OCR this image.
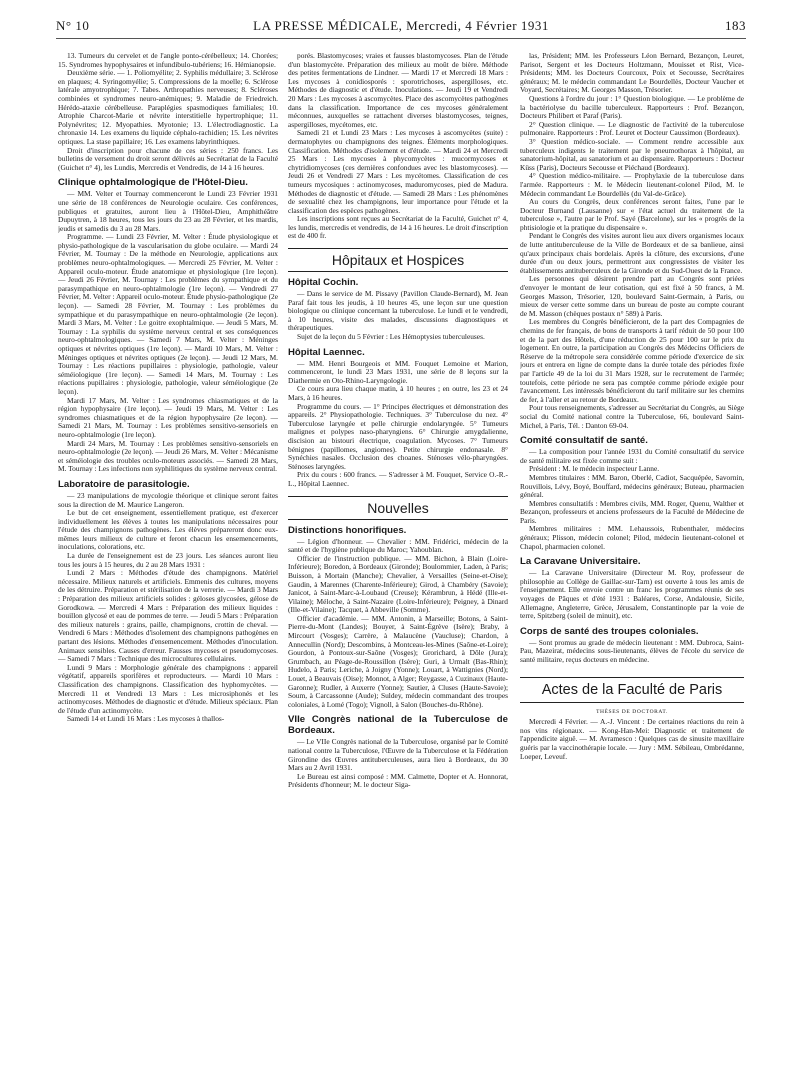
N° 10	LA PRESSE MÉDICALE, Mercredi, 4 Février 1931	183

13. Tumeurs du cervelet et de l'angle ponto-cérébelleux; 14. Chorées; 15. Syndromes hypophysaires et infundibulo-tubériens; 16. Hémianopsie.

Deuxième série. — 1. Poliomyélite; 2. Syphilis médullaire; 3. Sclérose en plaques; 4. Syringomyélie; 5. Compressions de la moelle; 6. Sclérose latérale amyotrophique; 7. Tabes. Arthropathies nerveuses; 8. Scléroses combinées et syndromes neuro-anémiques; 9. Maladie de Friedreich. Hérédo-ataxie cérébelleuse. Paraplégies spasmodiques familiales; 10. Atrophie Charcot-Marie et névrite interstitielle hypertrophique; 11. Polynévrites; 12. Myopathies. Myotonie; 13. L'électrodiagnostic. La chronaxie 14. Les examens du liquide céphalo-rachidien; 15. Les névrites optiques. La stase papillaire; 16. Les examens labyrinthiques.

Droit d'inscription pour chacune de ces séries : 250 francs. Les bulletins de versement du droit seront délivrés au Secrétariat de la Faculté (Guichet n° 4), les Lundis, Mercredis et Vendredis, de 14 à 16 heures.

Clinique ophtalmologique de l'Hôtel-Dieu.

— MM. Velter et Tournay commenceront le Lundi 23 Février 1931 une série de 18 conférences de Neurologie oculaire. Ces conférences, publiques et gratuites, auront lieu à l'Hôtel-Dieu, Amphithéâtre Dupuytren, à 18 heures, tous les jours du 23 au 28 Février, et les mardis, jeudis et samedis du 3 au 28 Mars.

Programme. — Lundi 23 Février, M. Velter : Étude physiologique et physio-pathologique de la vascularisation du globe oculaire. — Mardi 24 Février, M. Tournay : De la méthode en Neurologie, applications aux problèmes neuro-ophtalmologiques. — Mercredi 25 Février, M. Velter : Appareil oculo-moteur. Étude anatomique et physiologique (1re leçon). — Jeudi 26 Février, M. Tournay : Les problèmes du sympathique et du parasympathique en neuro-ophtalmologie (1re leçon). — Vendredi 27 Février, M. Velter : Appareil oculo-moteur. Étude physio-pathologique (2e leçon). — Samedi 28 Février, M. Tournay : Les problèmes du sympathique et du parasympathique en neuro-ophtalmologie (2e leçon). Mardi 3 Mars, M. Velter : Le goitre exophtalmique. — Jeudi 5 Mars, M. Tournay : La syphilis du système nerveux central et ses conséquences neuro-ophtalmologiques. — Samedi 7 Mars, M. Velter : Méninges optiques et névrites optiques (1re leçon). — Mardi 10 Mars, M. Velter : Méninges optiques et névrites optiques (2e leçon). — Jeudi 12 Mars, M. Tournay : Les réactions pupillaires : physiologie, pathologie, valeur séméiologique (1re leçon). — Samedi 14 Mars, M. Tournay : Les réactions pupillaires : physiologie, pathologie, valeur séméiologique (2e leçon).

Mardi 17 Mars, M. Velter : Les syndromes chiasmatiques et de la région hypophysaire (1re leçon). — Jeudi 19 Mars, M. Velter : Les syndromes chiasmatiques et de la région hypophysaire (2e leçon). — Samedi 21 Mars, M. Tournay : Les problèmes sensitivo-sensoriels en neuro-ophtalmologie (1re leçon).

Mardi 24 Mars, M. Tournay : Les problèmes sensitivo-sensoriels en neuro-ophtalmologie (2e leçon). — Jeudi 26 Mars, M. Velter : Mécanisme et séméiologie des troubles oculo-moteurs associés. — Samedi 28 Mars, M. Tournay : Les infections non syphilitiques du système nerveux central.

Laboratoire de parasitologie.

— 23 manipulations de mycologie théorique et clinique seront faites sous la direction de M. Maurice Langeron.

Le but de cet enseignement, essentiellement pratique, est d'exercer individuellement les élèves à toutes les manipulations nécessaires pour l'étude des champignons pathogènes. Les élèves prépareront donc eux-mêmes leurs milieux de culture et feront chacun les ensemencements, inoculations, colorations, etc.

La durée de l'enseignement est de 23 jours. Les séances auront lieu tous les jours à 15 heures, du 2 au 28 Mars 1931 :

Lundi 2 Mars : Méthodes d'étude des champignons. Matériel nécessaire. Milieux naturels et artificiels. Emmenis des cultures, moyens de les détruire. Préparation et stérilisation de la verrerie. — Mardi 3 Mars : Préparation des milieux artificiels solides : géloses glycosées, gélose de Gorodkowa. — Mercredi 4 Mars : Préparation des milieux liquides : bouillon glycosé et eau de pommes de terre. — Jeudi 5 Mars : Préparation des milieux naturels : grains, paille, champignons, crottin de cheval. — Vendredi 6 Mars : Méthodes d'isolement des champignons pathogènes en partant des lésions. Méthodes d'ensemencement. Méthodes d'inoculation. Animaux sensibles. Causes d'erreur. Fausses mycoses et pseudomycoses. — Samedi 7 Mars : Technique des microcultures cellulaires.

Lundi 9 Mars : Morphologie générale des champignons : appareil végétatif, appareils sporifères et reproducteurs. — Mardi 10 Mars : Classification des champignons. Classification des hyphomycètes. — Mercredi 11 et Vendredi 13 Mars : Les microsiphonés et les actinomycoses. Méthodes de diagnostic et d'étude. Milieux spéciaux. Plan de l'étude d'un actinomycète.

Samedi 14 et Lundi 16 Mars : Les mycoses à thallos-

porés. Blastomycoses; vraies et fausses blastomycoses. Plan de l'étude d'un blastomycète. Préparation des milieux au moût de bière. Méthode des petites fermentations de Lindner. — Mardi 17 et Mercredi 18 Mars : Les mycoses à conidiosporés : sporotrichoses, aspergilloses, etc. Méthodes de diagnostic et d'étude. Inoculations. — Jeudi 19 et Vendredi 20 Mars : Les mycoses à ascomycètes. Place des ascomycètes pathogènes dans la classification. Importance de ces mycoses généralement méconnues, auxquelles se rattachent diverses blastomycoses, teignes, aspergilloses, mycétomes, etc.

Samedi 21 et Lundi 23 Mars : Les mycoses à ascomycètes (suite) : dermatophytes ou champignons des teignes. Éléments morphologiques. Classification. Méthodes d'isolement et d'étude. — Mardi 24 et Mercredi 25 Mars : Les mycoses à phycomycètes : mucormycoses et chytridiomycoses (ces dernières confondues avec les blastomycoses). — Jeudi 26 et Vendredi 27 Mars : Les mycétomes. Classification de ces tumeurs mycosiques : actinomycoses, maduromycoses, pied de Madura. Méthodes de diagnostic et d'étude. — Samedi 28 Mars : Les phénomènes de sexualité chez les champignons, leur importance pour l'étude et la classification des espèces pathogènes.

Les inscriptions sont reçues au Secrétariat de la Faculté, Guichet n° 4, les lundis, mercredis et vendredis, de 14 à 16 heures. Le droit d'inscription est de 400 fr.

Hôpitaux et Hospices
Hôpital Cochin.

— Dans le service de M. Pissavy (Pavillon Claude-Bernard), M. Jean Paraf fait tous les jeudis, à 10 heures 45, une leçon sur une question biologique ou clinique concernant la tuberculose. Le lundi et le vendredi, à 10 heures, visite des malades, discussions diagnostiques et thérapeutiques.

Sujet de la leçon du 5 Février : Les Hémoptysies tuberculeuses.

Hôpital Laennec.

— MM. Henri Bourgeois et MM. Fouquet Lemoine et Marion, commenceront, le lundi 23 Mars 1931, une série de 8 leçons sur la Diathermie en Oto-Rhino-Laryngologie.

Ce cours aura lieu chaque matin, à 10 heures ; en outre, les 23 et 24 Mars, à 16 heures.

Programme du cours. — 1° Principes électriques et démonstration des appareils. 2° Physiopathologie. Techniques. 3° Tuberculose du nez. 4° Tuberculose laryngée et pelle chirurgie endolaryngée. 5° Tumeurs malignes et polypes naso-pharyngiens. 6° Chirurgie amygdalienne, discision au bistouri électrique, coagulation. Mycoses. 7° Tumeurs bénignes (papillomes, angiomes). Petite chirurgie endonasale. 8° Synéchies nasales. Occlusion des choanes. Sténoses vélo-pharyngées. Sténoses laryngées.

Prix du cours : 600 francs. — S'adresser à M. Fouquet, Service O.-R.-L., Hôpital Laennec.

Nouvelles
Distinctions honorifiques.

— Légion d'honneur. — Chevalier : MM. Fridérici, médecin de la santé et de l'hygiène publique du Maroc; Yahoublan.

Officier de l'instruction publique. — MM. Bichon, à Blain (Loire-Inférieure); Boredon, à Bordeaux (Gironde); Boulommier, Laden, à Paris; Buisson, à Mortain (Manche); Chevalier, à Versailles (Seine-et-Oise); Gaudin, à Marennes (Charente-Inférieure); Girod, à Chambéry (Savoie); Janicot, à Saint-Marc-à-Loubaud (Creuse); Kérambrun, à Hédé (Ille-et-Vilaine); Méloche, à Saint-Nazaire (Loire-Inférieure); Peigney, à Dinard (Ille-et-Vilaine); Tacquet, à Abbeville (Somme).

Officier d'académie. — MM. Antonin, à Marseille; Botons, à Saint-Pierre-du-Mont (Landes); Bouyer, à Saint-Égrève (Isère); Braby, à Mircourt (Vosges); Carrère, à Malaucène (Vaucluse); Chardon, à Annecullin (Nord); Descombins, à Montceau-les-Mines (Saône-et-Loire); Gourdon, à Pontoux-sur-Saône (Vosges); Grorichard, à Dôle (Jura); Grumbach, au Péage-de-Roussillon (Isère); Guri, à Urmalt (Bas-Rhin); Hudelo, à Paris; Leriche, à Joigny (Yonne); Louart, à Wattignies (Nord); Louet, à Beauvais (Oise); Monnot, à Alger; Reygasse, à Cuzinaux (Haute-Garonne); Rudler, à Auxerre (Yonne); Sautier, à Cluses (Haute-Savoie); Soum, à Carcassonne (Aude); Suldey, médecin commandant des troupes coloniales, à Lomé (Togo); Vignoll, à Salon (Bouches-du-Rhône).

VIIe Congrès national de la Tuberculose de Bordeaux.

— Le VIIe Congrès national de la Tuberculose, organisé par le Comité national contre la Tuberculose, l'Œuvre de la Tuberculose et la Fédération Girondine des Œuvres antituberculeuses, aura lieu à Bordeaux, du 30 Mars au 2 Avril 1931.

Le Bureau est ainsi composé : MM. Calmette, Dopter et A. Honnorat, Présidents d'honneur; M. le docteur Siga-

las, Président; MM. les Professeurs Léon Bernard, Bezançon, Leuret, Parisot, Sergent et les Docteurs Holtzmann, Mouisset et Rist, Vice-Présidents; MM. les Docteurs Courcoux, Poix et Secousse, Secrétaires généraux; M. le médecin commandant Le Bourdellès, Docteur Vaucher et Voyard, Secrétaires; M. Georges Masson, Trésorier.

Questions à l'ordre du jour : 1° Question biologique. — Le problème de la bactériolyse du bacille tuberculeux. Rapporteurs : Prof. Bezançon, Docteurs Philibert et Paraf (Paris).

2° Question clinique. — Le diagnostic de l'activité de la tuberculose pulmonaire. Rapporteurs : Prof. Leuret et Docteur Caussimon (Bordeaux).

3° Question médico-sociale. — Comment rendre accessible aux tuberculeux indigents le traitement par le pneumothorax à l'hôpital, au sanatorium-hôpital, au sanatorium et au dispensaire. Rapporteurs : Docteur Küss (Paris), Docteurs Secousse et Piéchaud (Bordeaux).

4° Question médico-militaire. — Prophylaxie de la tuberculose dans l'armée. Rapporteurs : M. le Médecin lieutenant-colonel Pilod, M. le Médecin commandant Le Bourdellès (du Val-de-Grâce).

Au cours du Congrès, deux conférences seront faites, l'une par le Docteur Burnand (Lausanne) sur « l'état actuel du traitement de la tuberculose », l'autre par le Prof. Sayé (Barcelone), sur les « progrès de la phtisiologie et la pratique du dispensaire ».

Pendant le Congrès des visites auront lieu aux divers organismes locaux de lutte antituberculeuse de la Ville de Bordeaux et de sa banlieue, ainsi qu'aux principaux chais bordelais. Après la clôture, des excursions, d'une durée d'un ou deux jours, permettront aux congressistes de visiter les établissements antituberculeux de la Gironde et du Sud-Ouest de la France.

Les personnes qui désirent prendre part au Congrès sont priées d'envoyer le montant de leur cotisation, qui est fixé à 50 francs, à M. Georges Masson, Trésorier, 120, boulevard Saint-Germain, à Paris, ou mieux de verser cette somme dans un bureau de poste au compte courant de M. Masson (chèques postaux n° 589) à Paris.

Les membres du Congrès bénéficieront, de la part des Compagnies de chemins de fer français, de bons de transports à tarif réduit de 50 pour 100 et de la part des Hôtels, d'une réduction de 25 pour 100 sur le prix du logement. En outre, la participation au Congrès des Médecins Officiers de Réserve de la métropole sera considérée comme période d'exercice de six jours et entrera en ligne de compte dans la durée totale des périodes fixée par l'article 49 de la loi du 31 Mars 1928, sur le recrutement de l'armée; toutefois, cette période ne sera pas comptée comme période exigée pour l'avancement. Les intéressés bénéficieront du tarif militaire sur les chemins de fer, à l'aller et au retour de Bordeaux.

Pour tous renseignements, s'adresser au Secrétariat du Congrès, au Siège social du Comité national contre la Tuberculose, 66, boulevard Saint-Michel, à Paris, Tél. : Danton 69-04.

Comité consultatif de santé.

— La composition pour l'année 1931 du Comité consultatif du service de santé militaire est fixée comme suit :

Président : M. le médecin inspecteur Lanne.

Membres titulaires : MM. Baron, Oberlé, Cadiot, Sacquépée, Savornin, Rouvillois, Lévy, Boyé, Bouffard, médecins généraux; Buteau, pharmacien général.

Membres consultatifs : Membres civils, MM. Roger, Quenu, Walther et Bezançon, professeurs et anciens professeurs de la Faculté de Médecine de Paris.

Membres militaires : MM. Lehaussois, Rubenthaler, médecins généraux; Plisson, médecin colonel; Pilod, médecin lieutenant-colonel et Chapol, pharmacien colonel.

La Caravane Universitaire.

— La Caravane Universitaire (Directeur M. Roy, professeur de philosophie au Collège de Gaillac-sur-Tarn) est ouverte à tous les amis de l'enseignement. Elle envoie contre un franc les programmes réunis de ses voyages de Pâques et d'été 1931 : Baléares, Corse, Andalousie, Sicile, Allemagne, Angleterre, Grèce, Jérusalem, Constantinople par la voie de terre, Spitzberg (soleil de minuit), etc.

Corps de santé des troupes coloniales.

— Sont promus au grade de médecin lieutenant : MM. Dubroca, Saint-Pau, Mazeirat, médecins sous-lieutenants, élèves de l'école du service de santé militaire, reçus docteurs en médecine.

Actes de la Faculté de Paris
THÈSES DE DOCTORAT.

Mercredi 4 Février. — A.-J. Vincent : De certaines réactions du rein à nos vins régionaux. — Kong-Han-Mei: Diagnostic et traitement de l'appendicite aiguë. — M. Avramesco : Quelques cas de sinusite maxillaire guéris par la vaccinothérapie locale. — Jury : MM. Sébileau, Ombrédanne, Loeper, Leveuf.
